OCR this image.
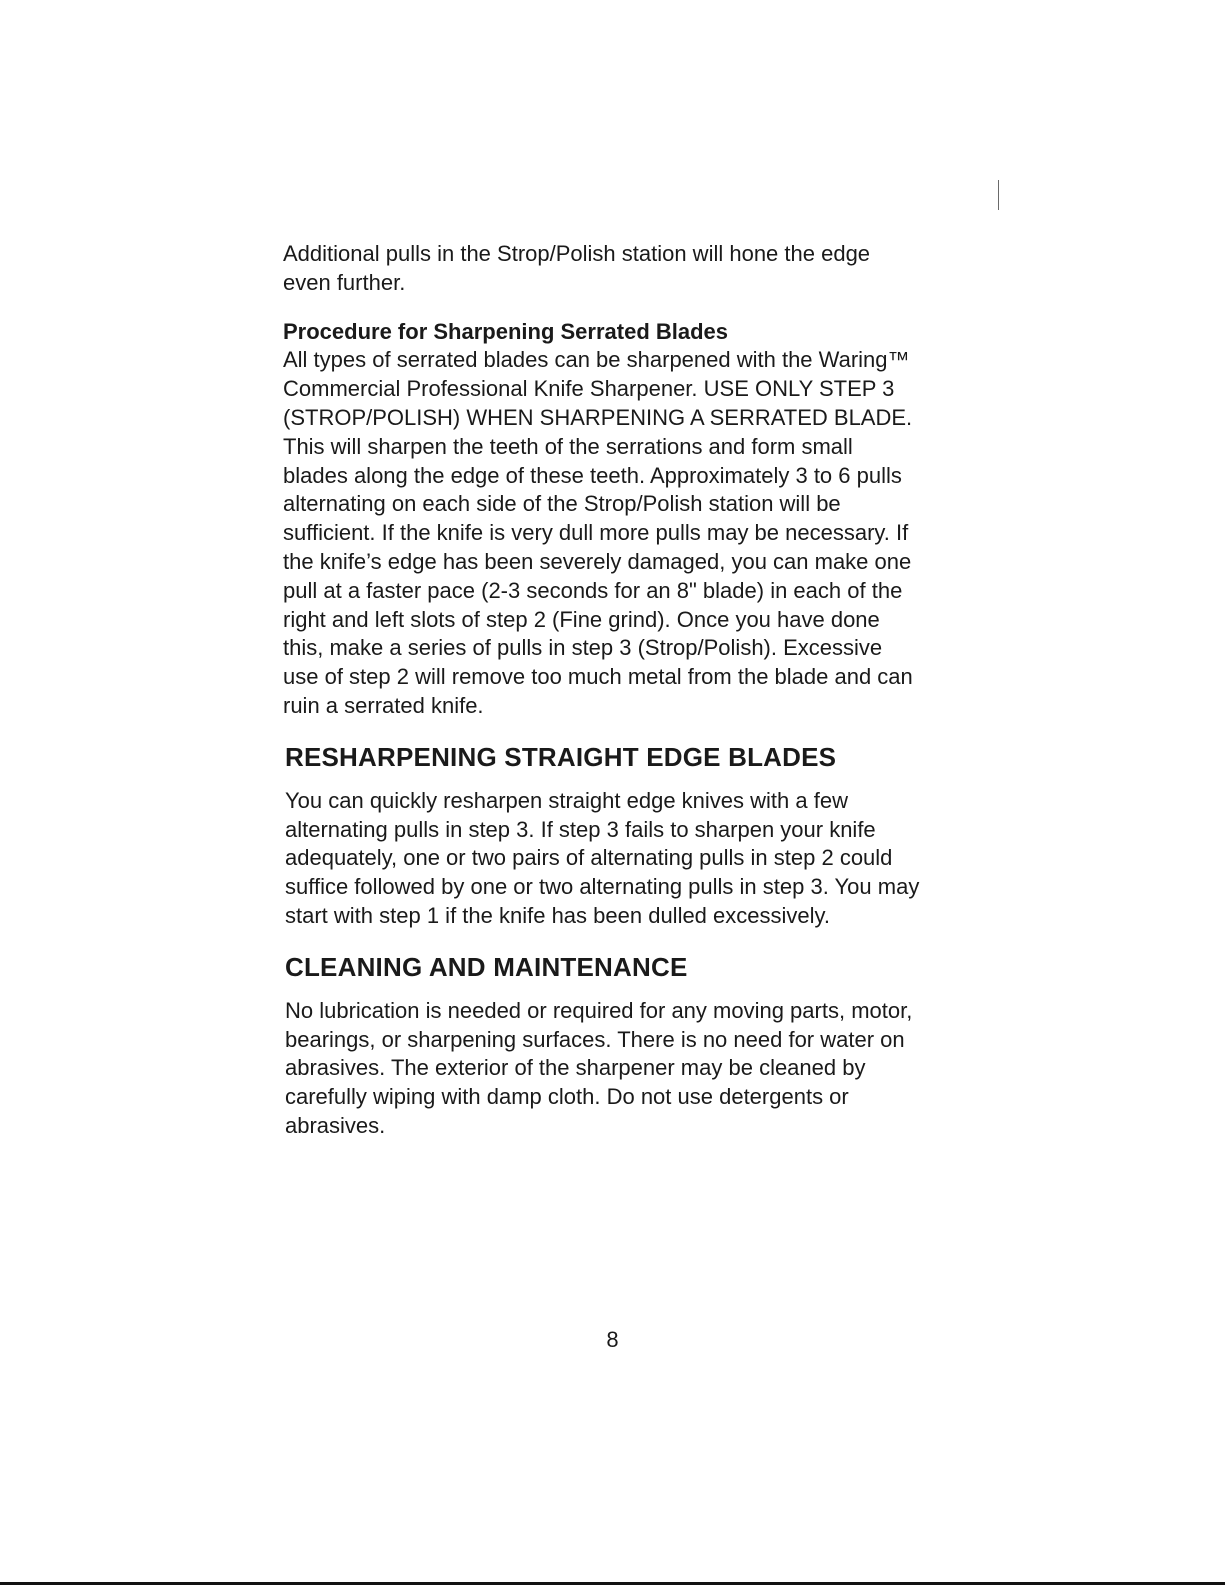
Additional pulls in the Strop/Polish station will hone the edge even further.

Procedure for Sharpening Serrated Blades

All types of serrated blades can be sharpened with the Waring™ Commercial Professional Knife Sharpener. USE ONLY STEP 3 (STROP/POLISH) WHEN SHARPENING A SERRATED BLADE. This will sharpen the teeth of the serrations and form small blades along the edge of these teeth. Approximately 3 to 6 pulls alternating on each side of the Strop/Polish station will be sufficient. If the knife is very dull more pulls may be necessary. If the knife’s edge has been severely damaged, you can make one pull at a faster pace (2-3 seconds for an 8" blade) in each of the right and left slots of step 2 (Fine grind). Once you have done this, make a series of pulls in step 3 (Strop/Polish). Excessive use of step 2 will remove too much metal from the blade and can ruin a serrated knife.

RESHARPENING STRAIGHT EDGE BLADES

You can quickly resharpen straight edge knives with a few alternating pulls in step 3. If step 3 fails to sharpen your knife adequately, one or two pairs of alternating pulls in step 2 could suffice followed by one or two alternating pulls in step 3. You may start with step 1 if the knife has been dulled excessively.

CLEANING AND MAINTENANCE

No lubrication is needed or required for any moving parts, motor, bearings, or sharpening surfaces. There is no need for water on abrasives. The exterior of the sharpener may be cleaned by carefully wiping with damp cloth. Do not use detergents or abrasives.

8
